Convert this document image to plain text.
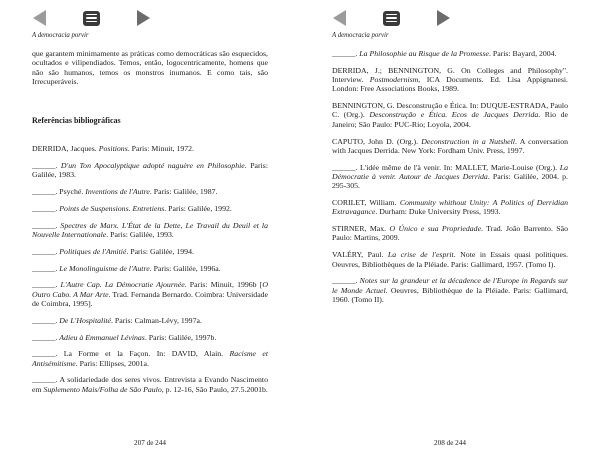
A democracia porvir

que garantem minimamente as práticas como democráticas são esquecidos, ocultados e vilipendiados. Temos, então, logocentricamente, homens que não são humanos, temos os monstros inumanos. E como tais, são Irrecuperáveis.

Referências bibliográficas

DERRIDA, Jacques. Positions. Paris: Minuit, 1972.

______. D'un Ton Apocalyptique adopté naguère en Philosophie. Paris: Galilée, 1983.

______. Psyché. Inventions de l'Autre. Paris: Galilée, 1987.

______. Points de Suspensions. Entretiens. Paris: Galilée, 1992.

______. Spectres de Marx. L'État de la Dette, Le Travail du Deuil et la Nouvelle Internationale. Paris: Galilée, 1993.

______. Politiques de l'Amitié. Paris: Galilée, 1994.

______. Le Monolinguisme de l'Autre. Paris: Galilée, 1996a.

______. L'Autre Cap. La Démocratie Ajournée. Paris: Minuit, 1996b [O Outro Cabo. A Mar Arte. Trad. Fernanda Bernardo. Coimbra: Universidade de Coimbra, 1995].

______. De L'Hospitalité. Paris: Calman-Lévy, 1997a.

______. Adieu à Emmanuel Lévinas. Paris: Galilée, 1997b.

______. La Forme et la Façon. In: DAVID, Alain. Racisme et Antisémitisme. Paris: Ellipses, 2001a.

______. A solidariedade dos seres vivos. Entrevista a Evando Nascimento em Suplemento Mais/Folha de São Paulo, p. 12-16, São Paulo, 27.5.2001b.

207 de 244
A democracia porvir

______. La Philosophie au Risque de la Promesse. Paris: Bayard, 2004.

DERRIDA, J.; BENNINGTON, G. On Colleges and Philosophy". Interview. Postmodernism, ICA Documents. Ed. Lisa Appignanesi. London: Free Associations Books, 1989.

BENNINGTON, G. Desconstrução e Ética. In: DUQUE-ESTRADA, Paulo C. (Org.). Desconstrução e Ética. Ecos de Jacques Derrida. Rio de Janeiro; São Paulo: PUC-Rio; Loyola, 2004.

CAPUTO, John D. (Org.). Deconstruction in a Nutshell. A conversation with Jacques Derrida. New York: Fordham Univ. Press, 1997.

______. L'idée même de l'à venir. In: MALLET, Marie-Louise (Org.). La Démocratie à venir. Autour de Jacques Derrida. Paris: Galilée, 2004. p. 295-305.

CORILET, William. Community whithout Unity: A Politics of Derridian Extravagance. Durham: Duke University Press, 1993.

STIRNER, Max. O Único e sua Propriedade. Trad. João Barrento. São Paulo: Martins, 2009.

VALÉRY, Paul. La crise de l'esprit. Note in Essais quasi politiques. Oeuvres, Bibliothèques de la Pléiade. Paris: Gallimard, 1957. (Tomo I).

______. Notes sur la grandeur et la décadence de l'Europe in Regards sur le Monde Actuel. Oeuvres, Bibliothèque de la Pléiade. Paris: Gallimard, 1960. (Tomo II).

208 de 244
